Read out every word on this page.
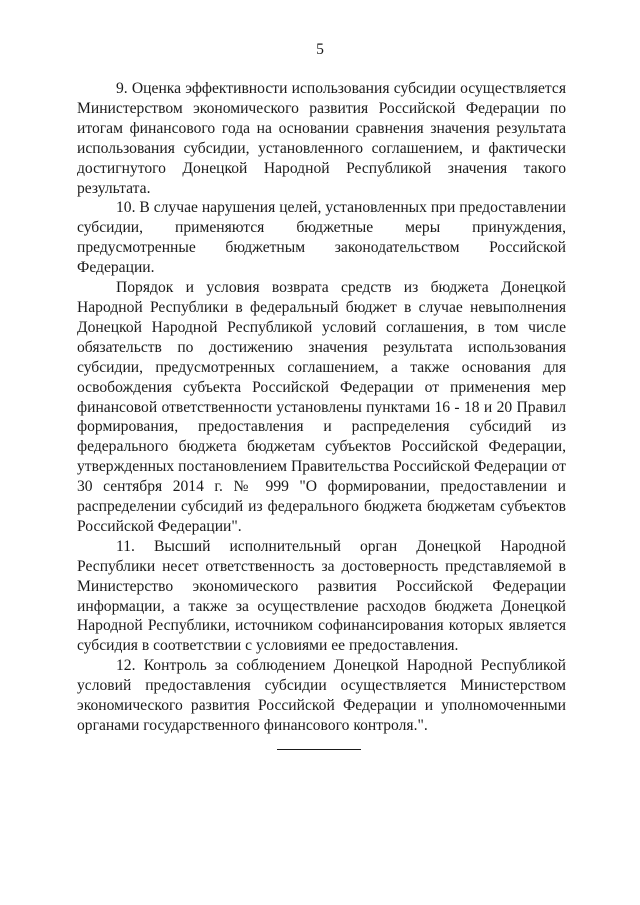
5

9. Оценка эффективности использования субсидии осуществляется Министерством экономического развития Российской Федерации по итогам финансового года на основании сравнения значения результата использования субсидии, установленного соглашением, и фактически достигнутого Донецкой Народной Республикой значения такого результата.

10. В случае нарушения целей, установленных при предоставлении субсидии, применяются бюджетные меры принуждения, предусмотренные бюджетным законодательством Российской Федерации.

Порядок и условия возврата средств из бюджета Донецкой Народной Республики в федеральный бюджет в случае невыполнения Донецкой Народной Республикой условий соглашения, в том числе обязательств по достижению значения результата использования субсидии, предусмотренных соглашением, а также основания для освобождения субъекта Российской Федерации от применения мер финансовой ответственности установлены пунктами 16 - 18 и 20 Правил формирования, предоставления и распределения субсидий из федерального бюджета бюджетам субъектов Российской Федерации, утвержденных постановлением Правительства Российской Федерации от 30 сентября 2014 г. № 999 "О формировании, предоставлении и распределении субсидий из федерального бюджета бюджетам субъектов Российской Федерации".

11. Высший исполнительный орган Донецкой Народной Республики несет ответственность за достоверность представляемой в Министерство экономического развития Российской Федерации информации, а также за осуществление расходов бюджета Донецкой Народной Республики, источником софинансирования которых является субсидия в соответствии с условиями ее предоставления.

12. Контроль за соблюдением Донецкой Народной Республикой условий предоставления субсидии осуществляется Министерством экономического развития Российской Федерации и уполномоченными органами государственного финансового контроля.".
